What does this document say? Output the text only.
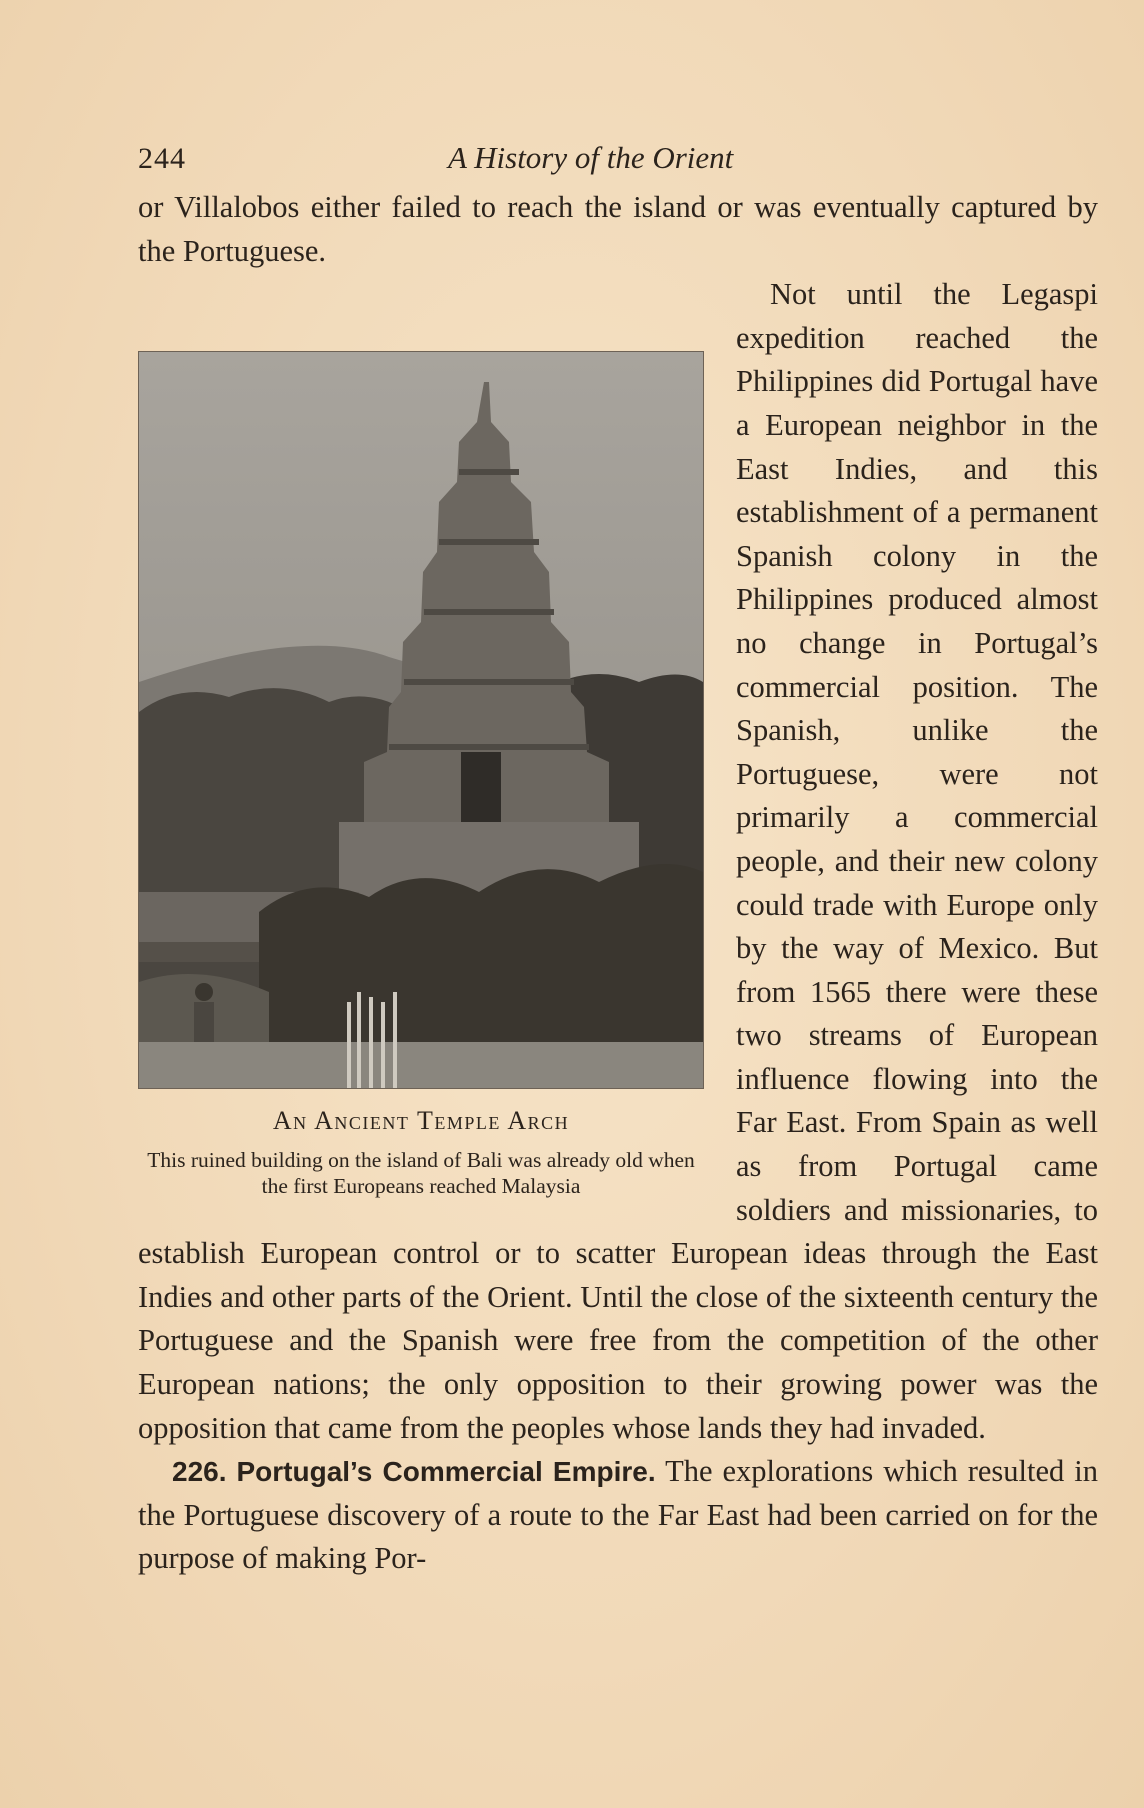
244	A History of the Orient

or Villalobos either failed to reach the island or was eventually captured by the Portuguese.

An Ancient Temple Arch
This ruined building on the island of Bali was already old when the first Europeans reached Malaysia
Not until the Legaspi expedition reached the Philippines did Portugal have a European neighbor in the East Indies, and this establishment of a permanent Spanish colony in the Philippines produced almost no change in Portugal’s commercial position. The Spanish, unlike the Portuguese, were not primarily a commercial people, and their new colony could trade with Europe only by the way of Mexico. But from 1565 there were these two streams of European influence flowing into the Far East. From Spain as well as from Portugal came soldiers and missionaries, to establish European control or to scatter European ideas through the East Indies and other parts of the Orient. Until the close of the sixteenth century the Portuguese and the Spanish were free from the competition of the other European nations; the only opposition to their growing power was the opposition that came from the peoples whose lands they had invaded.

226. Portugal’s Commercial Empire. The explorations which resulted in the Portuguese discovery of a route to the Far East had been carried on for the purpose of making Por-
